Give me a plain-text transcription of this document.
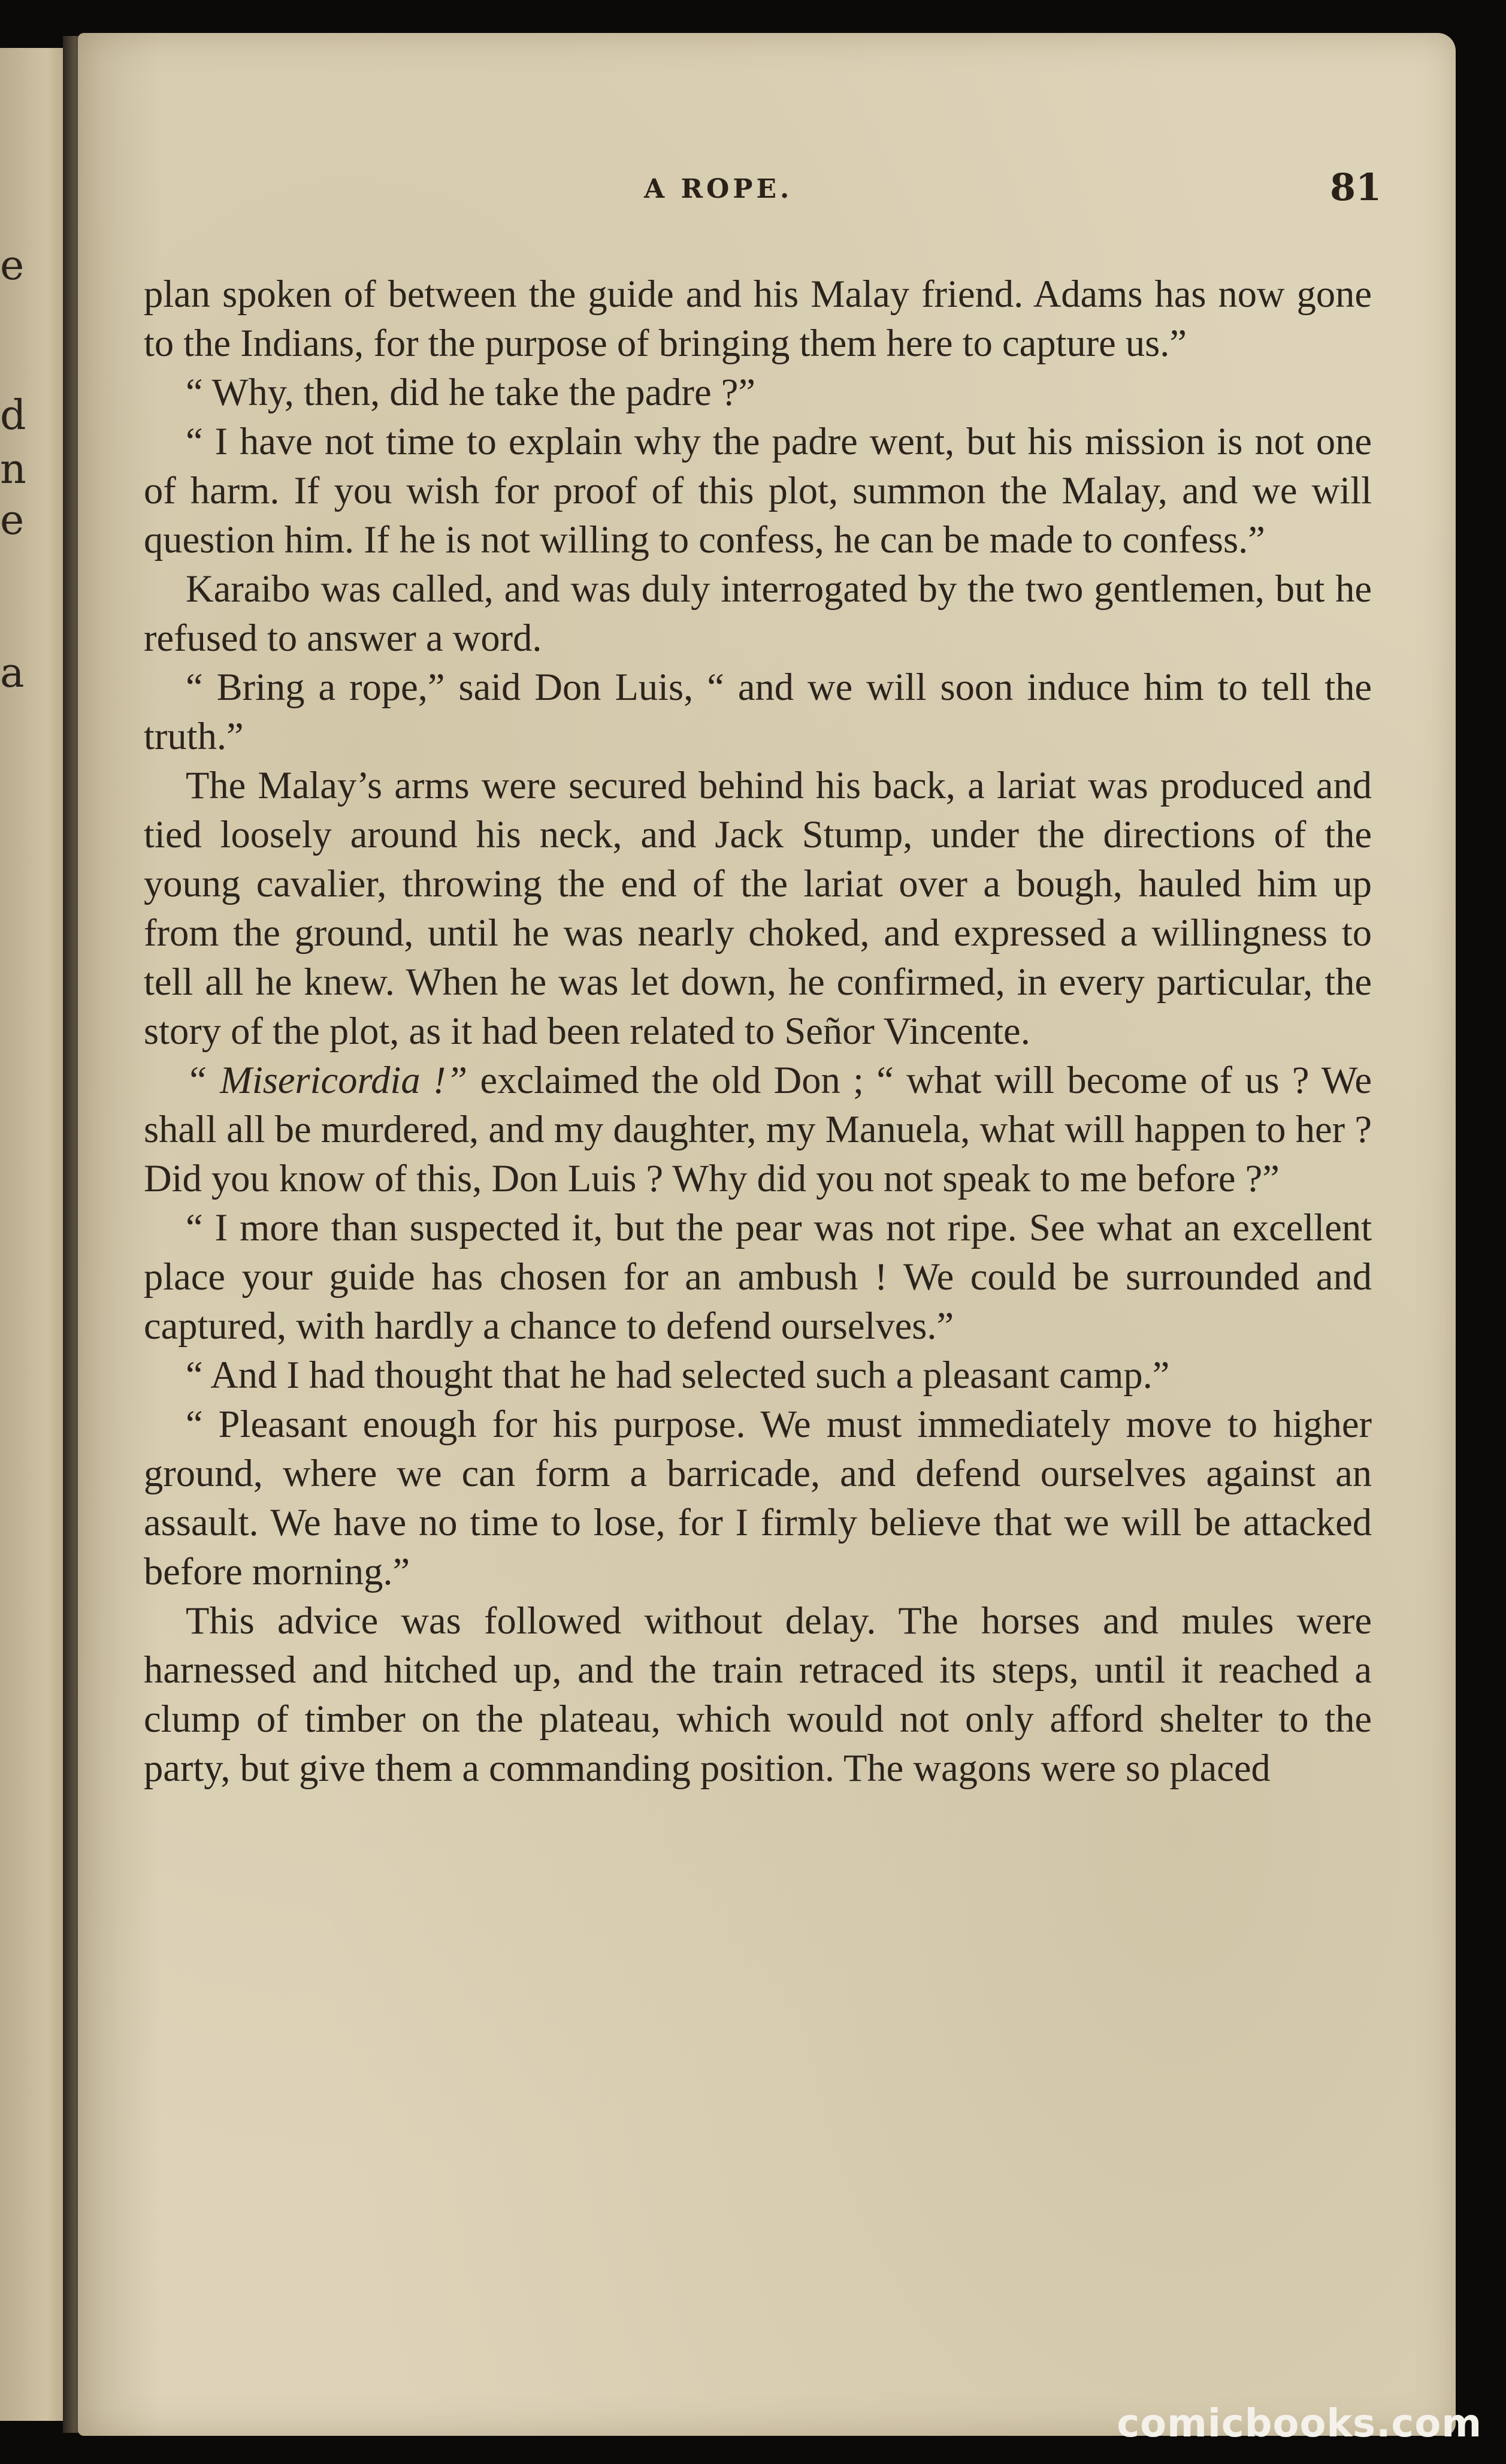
e
d
n
e
a
A ROPE.	81

plan spoken of between the guide and his Malay friend. Adams has now gone to the Indians, for the purpose of bringing them here to capture us.”

“ Why, then, did he take the padre ?”

“ I have not time to explain why the padre went, but his mission is not one of harm. If you wish for proof of this plot, summon the Malay, and we will question him. If he is not willing to confess, he can be made to confess.”

Karaibo was called, and was duly interrogated by the two gentlemen, but he refused to answer a word.

“ Bring a rope,” said Don Luis, “ and we will soon induce him to tell the truth.”

The Malay’s arms were secured behind his back, a lariat was produced and tied loosely around his neck, and Jack Stump, under the directions of the young cavalier, throwing the end of the lariat over a bough, hauled him up from the ground, until he was nearly choked, and expressed a willingness to tell all he knew. When he was let down, he confirmed, in every particular, the story of the plot, as it had been related to Señor Vincente.

“ Misericordia !” exclaimed the old Don ; “ what will become of us ? We shall all be murdered, and my daughter, my Manuela, what will happen to her ? Did you know of this, Don Luis ? Why did you not speak to me before ?”

“ I more than suspected it, but the pear was not ripe. See what an excellent place your guide has chosen for an ambush ! We could be surrounded and captured, with hardly a chance to defend ourselves.”

“ And I had thought that he had selected such a pleasant camp.”

“ Pleasant enough for his purpose. We must immediately move to higher ground, where we can form a barricade, and defend ourselves against an assault. We have no time to lose, for I firmly believe that we will be attacked before morning.”

This advice was followed without delay. The horses and mules were harnessed and hitched up, and the train retraced its steps, until it reached a clump of timber on the plateau, which would not only afford shelter to the party, but give them a commanding position. The wagons were so placed

comicbooks.com
